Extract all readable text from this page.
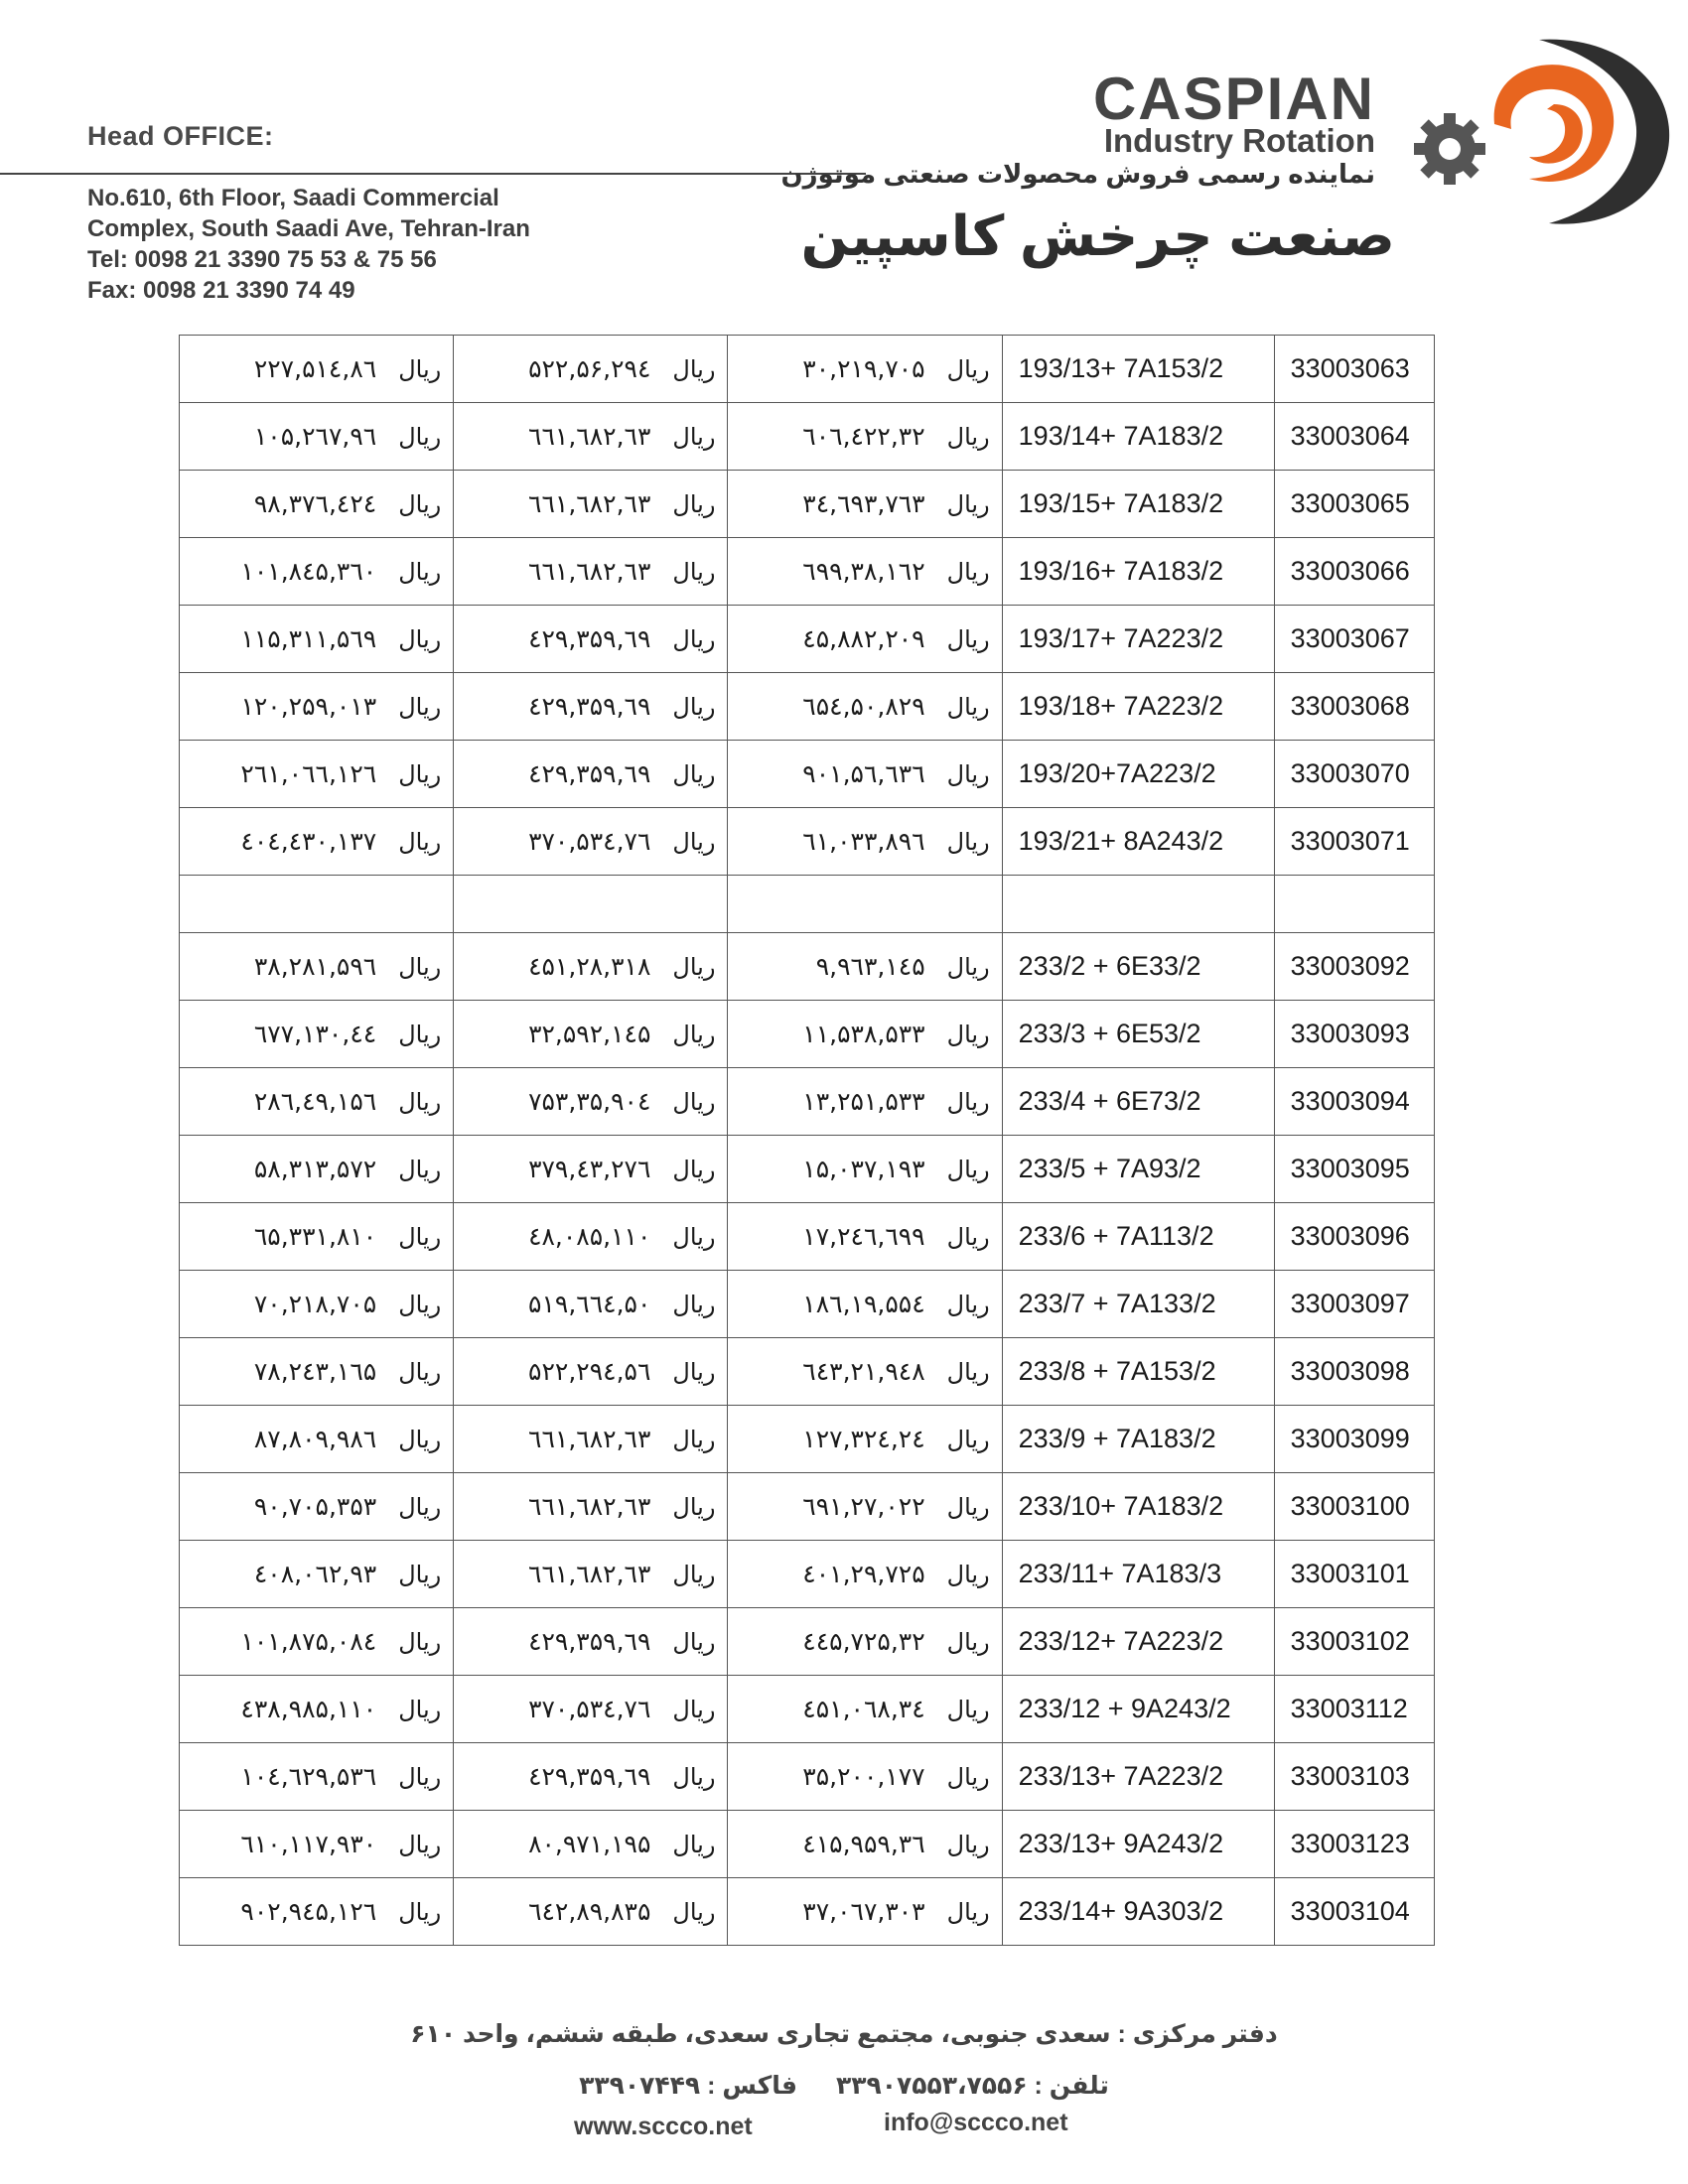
Head OFFICE:
No.610, 6th Floor, Saadi Commercial
Complex, South Saadi Ave, Tehran-Iran
Tel: 0098 21 3390 75 53 & 75 56
Fax: 0098 21 3390 74 49
CASPIAN
Industry Rotation
نماینده رسمی فروش محصولات صنعتی موتوژن
صنعت چرخش کاسپین
ریال۸٦,۵۱٤,۲۲۷	ریال۵۶,۲۹٤,۵۲۲	ریال۳۰,۲۱۹,۷۰۵	193/13+ 7A153/2	33003063
ریال۹٦,۱۰۵,۲٦۷	ریال٦۳,٦۸۲,٦٦۱	ریال۳۲,٤۲۲,٦۰٦	193/14+ 7A183/2	33003064
ریال۹۸,۳۷٦,٤۲٤	ریال٦۳,٦۸۲,٦٦۱	ریال۳٤,٦۹۳,۷٦۳	193/15+ 7A183/2	33003065
ریال۱۰۱,۸٤۵,۳٦۰	ریال٦۳,٦۸۲,٦٦۱	ریال۳۸,۱٦۲,٦۹۹	193/16+ 7A183/2	33003066
ریال۱۱۵,۳۱۱,۵٦۹	ریال٦۹,٤۲۹,۳۵۹	ریال٤۵,۸۸۲,۲۰۹	193/17+ 7A223/2	33003067
ریال۱۲۰,۲۵۹,۰۱۳	ریال٦۹,٤۲۹,۳۵۹	ریال۵۰,۸۲۹,٦۵٤	193/18+ 7A223/2	33003068
ریال۱۲٦,۰٦٦,۲٦۱	ریال٦۹,٤۲۹,۳۵۹	ریال۵٦,٦۳٦,۹۰۱	193/20+7A223/2	33003070
ریال۱۳۷,٤۰٤,٤۳۰	ریال۷٦,۳۷۰,۵۳٤	ریال٦۱,۰۳۳,۸۹٦	193/21+ 8A243/2	33003071

ریال۳۸,۲۸۱,۵۹٦	ریال۲۸,۳۱۸,٤۵۱	ریال۹,۹٦۳,۱٤۵	233/2 + 6E33/2	33003092
ریال٤٤,۱۳۰,٦۷۷	ریال۳۲,۵۹۲,۱٤۵	ریال۱۱,۵۳۸,۵۳۳	233/3 + 6E53/2	33003093
ریال٤۹,۱۵٦,۲۸٦	ریال۳۵,۹۰٤,۷۵۳	ریال۱۳,۲۵۱,۵۳۳	233/4 + 6E73/2	33003094
ریال۵۸,۳۱۳,۵۷۲	ریال٤۳,۲۷٦,۳۷۹	ریال۱۵,۰۳۷,۱۹۳	233/5 + 7A93/2	33003095
ریال٦۵,۳۳۱,۸۱۰	ریال٤۸,۰۸۵,۱۱۰	ریال۱۷,۲٤٦,٦۹۹	233/6 + 7A113/2	33003096
ریال۷۰,۲۱۸,۷۰۵	ریال۵۰,٦٦٤,۵۱۹	ریال۱۹,۵۵٤,۱۸٦	233/7 + 7A133/2	33003097
ریال۷۸,۲٤۳,۱٦۵	ریال۵٦,۲۹٤,۵۲۲	ریال۲۱,۹٤۸,٦٤۳	233/8 + 7A153/2	33003098
ریال۸۷,۸۰۹,۹۸٦	ریال٦۳,٦۸۲,٦٦۱	ریال۲٤,۱۲۷,۳۲٤	233/9 + 7A183/2	33003099
ریال۹۰,۷۰۵,۳۵۳	ریال٦۳,٦۸۲,٦٦۱	ریال۲۷,۰۲۲,٦۹۱	233/10+ 7A183/2	33003100
ریال۹۳,٤۰۸,۰٦۲	ریال٦۳,٦۸۲,٦٦۱	ریال۲۹,۷۲۵,٤۰۱	233/11+ 7A183/3	33003101
ریال۱۰۱,۸۷۵,۰۸٤	ریال٦۹,٤۲۹,۳۵۹	ریال۳۲,٤٤۵,۷۲۵	233/12+ 7A223/2	33003102
ریال۱۱۰,٤۳۸,۹۸۵	ریال۷٦,۳۷۰,۵۳٤	ریال۳٤,۰٦۸,٤۵۱	233/12 + 9A243/2	33003112
ریال۱۰٤,٦۲۹,۵۳٦	ریال٦۹,٤۲۹,۳۵۹	ریال۳۵,۲۰۰,۱۷۷	233/13+ 7A223/2	33003103
ریال۱۱۷,۹۳۰,٦۱۰	ریال۸۰,۹۷۱,۱۹۵	ریال۳٦,۹۵۹,٤۱۵	233/13+ 9A243/2	33003123
ریال۱۲٦,۹۰۲,۹٤۵	ریال۸۹,۸۳۵,٦٤۲	ریال۳۷,۰٦۷,۳۰۳	233/14+ 9A303/2	33003104
دفتر مرکزی : سعدی جنوبی، مجتمع تجاری سعدی، طبقه ششم، واحد ۶۱۰
تلفن : ۳۳۹۰۷۵۵۳،۷۵۵۶ فاکس : ۳۳۹۰۷۴۴۹
www.sccco.net	info@sccco.net
